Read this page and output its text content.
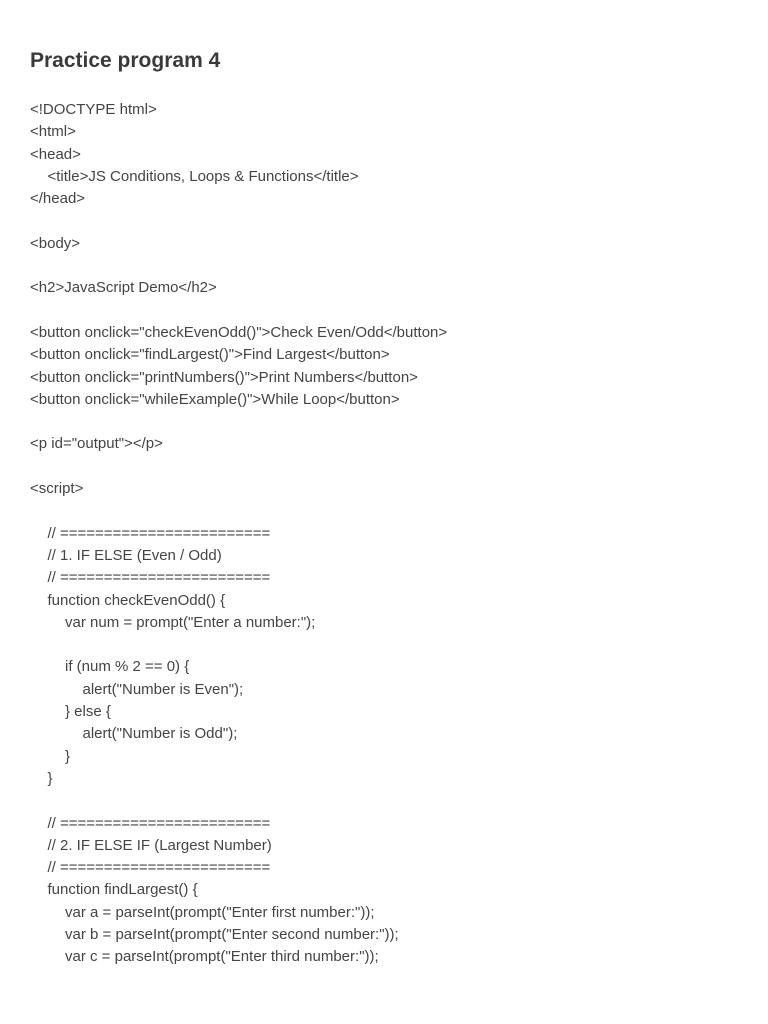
Practice program 4
<!DOCTYPE html>
<html>
<head>
<title>JS Conditions, Loops & Functions</title>
</head>
<body>
<h2>JavaScript Demo</h2>
<button onclick="checkEvenOdd()">Check Even/Odd</button>
<button onclick="findLargest()">Find Largest</button>
<button onclick="printNumbers()">Print Numbers</button>
<button onclick="whileExample()">While Loop</button>
<p id="output"></p>
<script>
// ========================
// 1. IF ELSE (Even / Odd)
// ========================
function checkEvenOdd() {
var num = prompt("Enter a number:");
if (num % 2 == 0) {
alert("Number is Even");
} else {
alert("Number is Odd");
}
}
// ========================
// 2. IF ELSE IF (Largest Number)
// ========================
function findLargest() {
var a = parseInt(prompt("Enter first number:"));
var b = parseInt(prompt("Enter second number:"));
var c = parseInt(prompt("Enter third number:"));
